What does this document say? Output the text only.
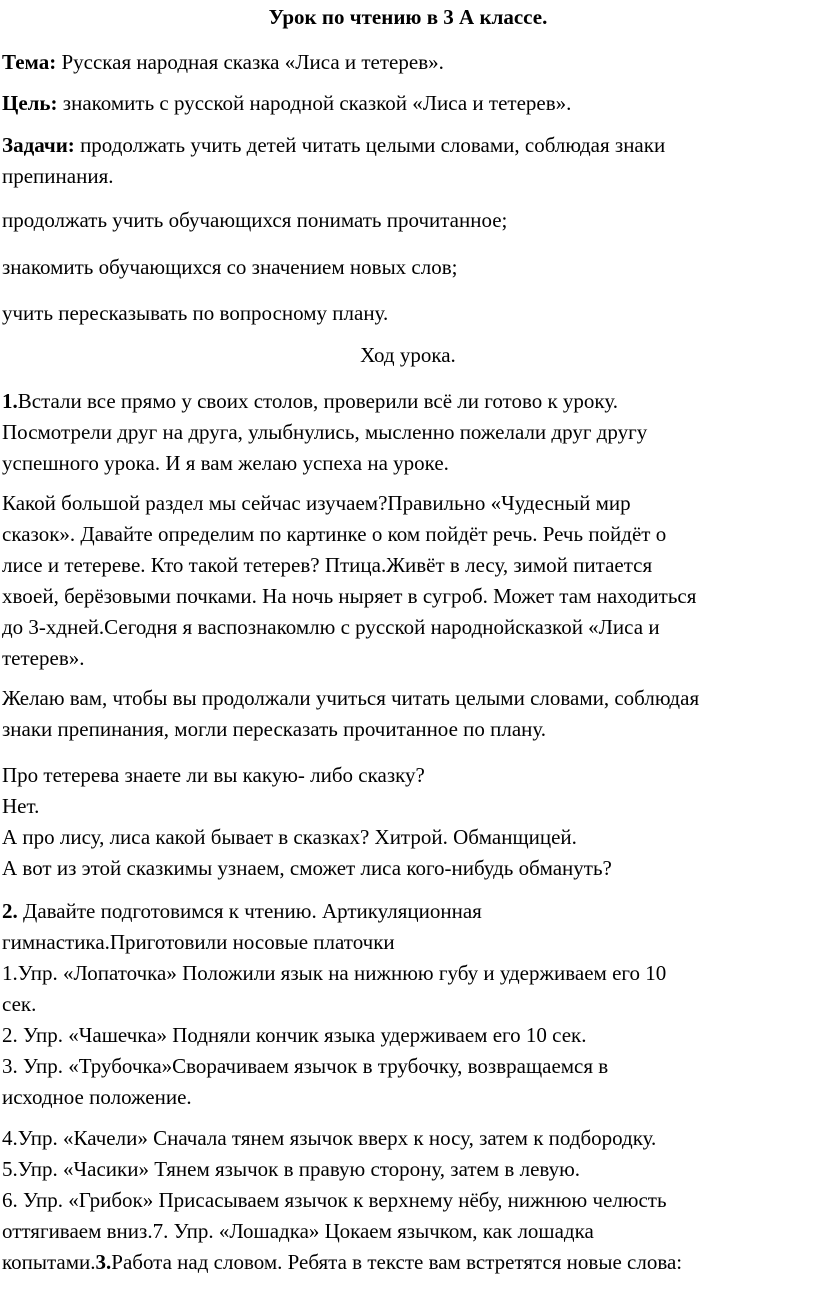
Урок по чтению в 3 А классе.

Тема: Русская народная сказка «Лиса и тетерев».

Цель: знакомить с русской народной сказкой «Лиса и тетерев».

Задачи: продолжать учить детей читать целыми словами, соблюдая знаки
препинания.

продолжать учить обучающихся понимать прочитанное;

знакомить обучающихся со значением новых слов;

учить пересказывать по вопросному плану.

Ход урока.

1.Встали все прямо у своих столов, проверили всё ли готово к уроку.
Посмотрели друг на друга, улыбнулись, мысленно пожелали друг другу
успешного урока. И я вам желаю успеха на уроке.

Какой большой раздел мы сейчас изучаем?Правильно «Чудесный мир
сказок». Давайте определим по картинке о ком пойдёт речь. Речь пойдёт о
лисе и тетереве. Кто такой тетерев? Птица.Живёт в лесу, зимой питается
хвоей, берёзовыми почками. На ночь ныряет в сугроб. Может там находиться
до 3-хдней.Сегодня я вaспознакомлю с русской народнойсказкой «Лиса и
тетерев».

Желаю вам, чтобы вы продолжали учиться читать целыми словами, соблюдая
знаки препинания, могли пересказать прочитанное по плану.

Про тетерева знаете ли вы какую- либо сказку?
Нет.
А про лису, лиса какой бывает в сказках? Хитрой. Обманщицей.
А вот из этой сказкимы узнаем, сможет лиса кого-нибудь обмануть?

2. Давайте подготовимся к чтению. Артикуляционная
гимнастика.Приготовили носовые платочки
1.Упр. «Лопаточка» Положили язык на нижнюю губу и удерживаем его 10
сек.
2. Упр. «Чашечка» Подняли кончик языка удерживаем его 10 сек.
3. Упр. «Трубочка»Сворачиваем язычок в трубочку, возвращаемся в
исходное положение.

4.Упр. «Качели» Сначала тянем язычок вверх к носу, затем к подбородку.
5.Упр. «Часики» Тянем язычок в правую сторону, затем в левую.
6. Упр. «Грибок» Присасываем язычок к верхнему нёбу, нижнюю челюсть
оттягиваем вниз.7. Упр. «Лошадка» Цокаем язычком, как лошадка
копытами.3.Работа над словом. Ребята в тексте вам встретятся новые слова:
